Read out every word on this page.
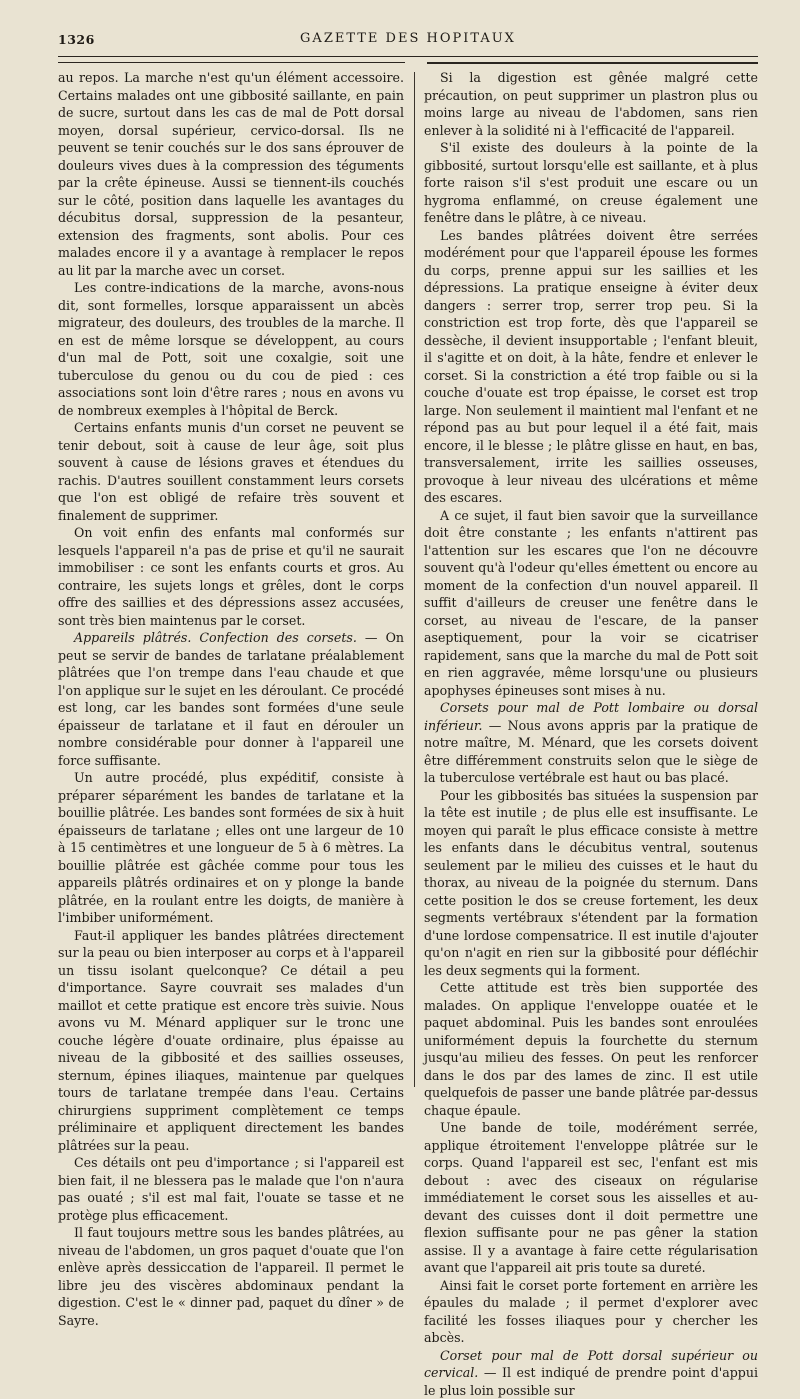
1326	GAZETTE DES HOPITAUX

au repos. La marche n'est qu'un élément accessoire. Certains malades ont une gibbosité saillante, en pain de sucre, surtout dans les cas de mal de Pott dorsal moyen, dorsal supérieur, cervico-dorsal. Ils ne peuvent se tenir couchés sur le dos sans éprouver de douleurs vives dues à la compression des téguments par la crête épineuse. Aussi se tiennent-ils couchés sur le côté, position dans laquelle les avantages du décubitus dorsal, suppression de la pesanteur, extension des fragments, sont abolis. Pour ces malades encore il y a avantage à remplacer le repos au lit par la marche avec un corset.

Les contre-indications de la marche, avons-nous dit, sont formelles, lorsque apparaissent un abcès migrateur, des douleurs, des troubles de la marche. Il en est de même lorsque se développent, au cours d'un mal de Pott, soit une coxalgie, soit une tuberculose du genou ou du cou de pied : ces associations sont loin d'être rares ; nous en avons vu de nombreux exemples à l'hôpital de Berck.

Certains enfants munis d'un corset ne peuvent se tenir debout, soit à cause de leur âge, soit plus souvent à cause de lésions graves et étendues du rachis. D'autres souillent constamment leurs corsets que l'on est obligé de refaire très souvent et finalement de supprimer.

On voit enfin des enfants mal conformés sur lesquels l'appareil n'a pas de prise et qu'il ne saurait immobiliser : ce sont les enfants courts et gros. Au contraire, les sujets longs et grêles, dont le corps offre des saillies et des dépressions assez accusées, sont très bien maintenus par le corset.

Appareils plâtrés. Confection des corsets. — On peut se servir de bandes de tarlatane préalablement plâtrées que l'on trempe dans l'eau chaude et que l'on applique sur le sujet en les déroulant. Ce procédé est long, car les bandes sont formées d'une seule épaisseur de tarlatane et il faut en dérouler un nombre considérable pour donner à l'appareil une force suffisante.

Un autre procédé, plus expéditif, consiste à préparer séparément les bandes de tarlatane et la bouillie plâtrée. Les bandes sont formées de six à huit épaisseurs de tarlatane ; elles ont une largeur de 10 à 15 centimètres et une longueur de 5 à 6 mètres. La bouillie plâtrée est gâchée comme pour tous les appareils plâtrés ordinaires et on y plonge la bande plâtrée, en la roulant entre les doigts, de manière à l'imbiber uniformément.

Faut-il appliquer les bandes plâtrées directement sur la peau ou bien interposer au corps et à l'appareil un tissu isolant quelconque? Ce détail a peu d'importance. Sayre couvrait ses malades d'un maillot et cette pratique est encore très suivie. Nous avons vu M. Ménard appliquer sur le tronc une couche légère d'ouate ordinaire, plus épaisse au niveau de la gibbosité et des saillies osseuses, sternum, épines iliaques, maintenue par quelques tours de tarlatane trempée dans l'eau. Certains chirurgiens suppriment complètement ce temps préliminaire et appliquent directement les bandes plâtrées sur la peau.

Ces détails ont peu d'importance ; si l'appareil est bien fait, il ne blessera pas le malade que l'on n'aura pas ouaté ; s'il est mal fait, l'ouate se tasse et ne protège plus efficacement.

Il faut toujours mettre sous les bandes plâtrées, au niveau de l'abdomen, un gros paquet d'ouate que l'on enlève après dessiccation de l'appareil. Il permet le libre jeu des viscères abdominaux pendant la digestion. C'est le « dinner pad, paquet du dîner » de Sayre.

Si la digestion est gênée malgré cette précaution, on peut supprimer un plastron plus ou moins large au niveau de l'abdomen, sans rien enlever à la solidité ni à l'efficacité de l'appareil.

S'il existe des douleurs à la pointe de la gibbosité, surtout lorsqu'elle est saillante, et à plus forte raison s'il s'est produit une escare ou un hygroma enflammé, on creuse également une fenêtre dans le plâtre, à ce niveau.

Les bandes plâtrées doivent être serrées modérément pour que l'appareil épouse les formes du corps, prenne appui sur les saillies et les dépressions. La pratique enseigne à éviter deux dangers : serrer trop, serrer trop peu. Si la constriction est trop forte, dès que l'appareil se dessèche, il devient insupportable ; l'enfant bleuit, il s'agitte et on doit, à la hâte, fendre et enlever le corset. Si la constriction a été trop faible ou si la couche d'ouate est trop épaisse, le corset est trop large. Non seulement il maintient mal l'enfant et ne répond pas au but pour lequel il a été fait, mais encore, il le blesse ; le plâtre glisse en haut, en bas, transversalement, irrite les saillies osseuses, provoque à leur niveau des ulcérations et même des escares.

A ce sujet, il faut bien savoir que la surveillance doit être constante ; les enfants n'attirent pas l'attention sur les escares que l'on ne découvre souvent qu'à l'odeur qu'elles émettent ou encore au moment de la confection d'un nouvel appareil. Il suffit d'ailleurs de creuser une fenêtre dans le corset, au niveau de l'escare, de la panser aseptiquement, pour la voir se cicatriser rapidement, sans que la marche du mal de Pott soit en rien aggravée, même lorsqu'une ou plusieurs apophyses épineuses sont mises à nu.

Corsets pour mal de Pott lombaire ou dorsal inférieur. — Nous avons appris par la pratique de notre maître, M. Ménard, que les corsets doivent être différemment construits selon que le siège de la tuberculose vertébrale est haut ou bas placé.

Pour les gibbosités bas situées la suspension par la tête est inutile ; de plus elle est insuffisante. Le moyen qui paraît le plus efficace consiste à mettre les enfants dans le décubitus ventral, soutenus seulement par le milieu des cuisses et le haut du thorax, au niveau de la poignée du sternum. Dans cette position le dos se creuse fortement, les deux segments vertébraux s'étendent par la formation d'une lordose compensatrice. Il est inutile d'ajouter qu'on n'agit en rien sur la gibbosité pour défléchir les deux segments qui la forment.

Cette attitude est très bien supportée des malades. On applique l'enveloppe ouatée et le paquet abdominal. Puis les bandes sont enroulées uniformément depuis la fourchette du sternum jusqu'au milieu des fesses. On peut les renforcer dans le dos par des lames de zinc. Il est utile quelquefois de passer une bande plâtrée par-dessus chaque épaule.

Une bande de toile, modérément serrée, applique étroitement l'enveloppe plâtrée sur le corps. Quand l'appareil est sec, l'enfant est mis debout : avec des ciseaux on régularise immédiatement le corset sous les aisselles et au-devant des cuisses dont il doit permettre une flexion suffisante pour ne pas gêner la station assise. Il y a avantage à faire cette régularisation avant que l'appareil ait pris toute sa dureté.

Ainsi fait le corset porte fortement en arrière les épaules du malade ; il permet d'explorer avec facilité les fosses iliaques pour y chercher les abcès.

Corset pour mal de Pott dorsal supérieur ou cervical. — Il est indiqué de prendre point d'appui le plus loin possible sur
